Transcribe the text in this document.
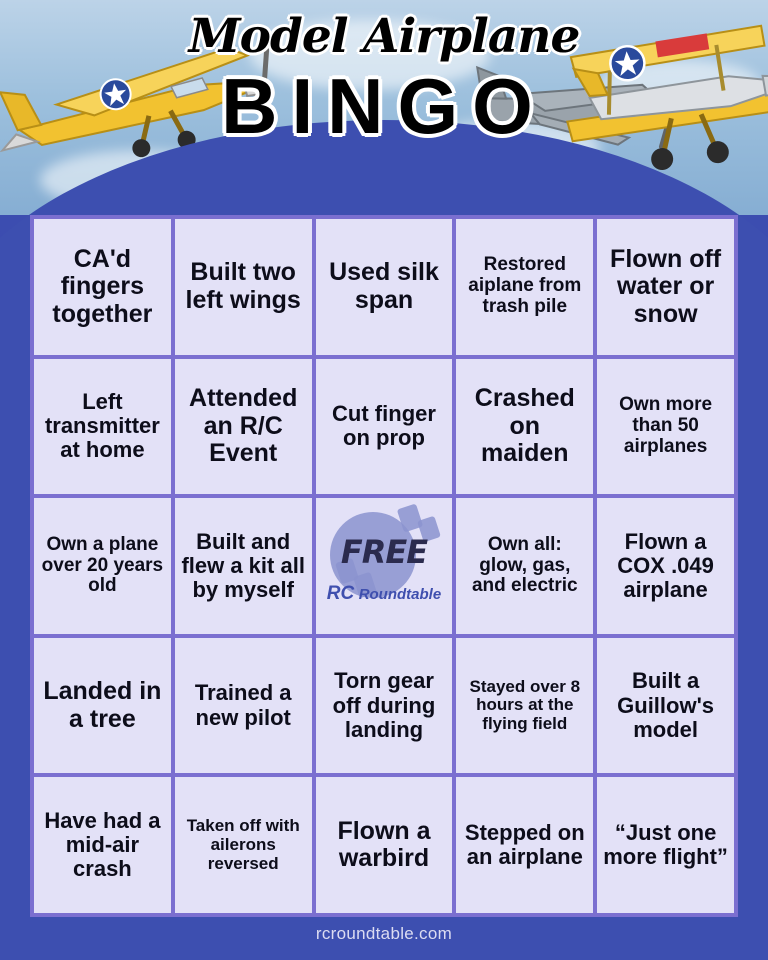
Model Airplane
BINGO
CA'd fingers together
Built two left wings
Used silk span
Restored aiplane from trash pile
Flown off water or snow
Left transmitter at home
Attended an R/C Event
Cut finger on prop
Crashed on maiden
Own more than 50 airplanes
Own a plane over 20 years old
Built and flew a kit all by myself
FREE
RC Roundtable
Own all: glow, gas, and electric
Flown a COX .049 airplane
Landed in a tree
Trained a new pilot
Torn gear off during landing
Stayed over 8 hours at the flying field
Built a Guillow's model
Have had a mid-air crash
Taken off with ailerons reversed
Flown a warbird
Stepped on an airplane
“Just one more flight”
rcroundtable.com
